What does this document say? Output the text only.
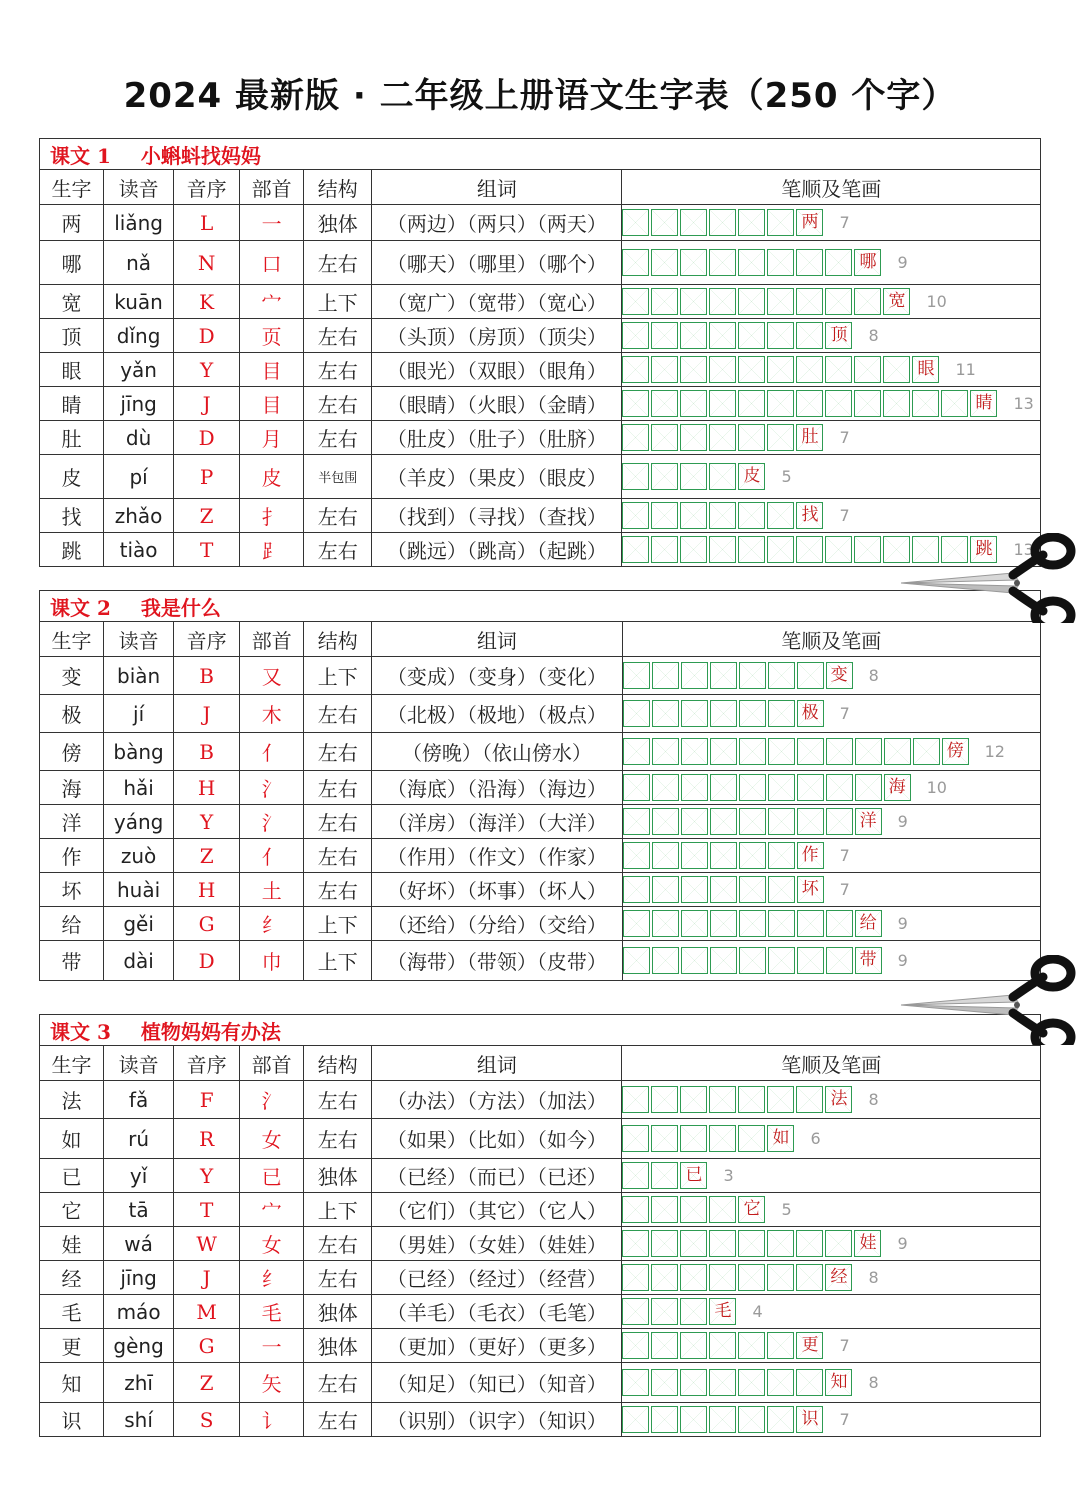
2024 最新版 · 二年级上册语文生字表（250 个字）
课文 1 小蝌蚪找妈妈						
生字	读音	音序	部首	结构	组词	笔顺及笔画
两	liǎng	L	一	独体	（两边）（两只）（两天）	两 7

哪	nǎ	N	口	左右	（哪天）（哪里）（哪个）	哪 9

宽	kuān	K	宀	上下	（宽广）（宽带）（宽心）	宽 10

顶	dǐng	D	页	左右	（头顶）（房顶）（顶尖）	顶 8

眼	yǎn	Y	目	左右	（眼光）（双眼）（眼角）	眼 11

睛	jīng	J	目	左右	（眼睛）（火眼）（金睛）	睛 13

肚	dù	D	月	左右	（肚皮）（肚子）（肚脐）	肚 7

皮	pí	P	皮	半包围	（羊皮）（果皮）（眼皮）	皮 5

找	zhǎo	Z	扌	左右	（找到）（寻找）（查找）	找 7

跳	tiào	T	⻊	左右	（跳远）（跳高）（起跳）	跳 13
课文 2 我是什么						
生字	读音	音序	部首	结构	组词	笔顺及笔画
变	biàn	B	又	上下	（变成）（变身）（变化）	变 8

极	jí	J	木	左右	（北极）（极地）（极点）	极 7

傍	bàng	B	亻	左右	（傍晚）（依山傍水）	傍 12

海	hǎi	H	氵	左右	（海底）（沿海）（海边）	海 10

洋	yáng	Y	氵	左右	（洋房）（海洋）（大洋）	洋 9

作	zuò	Z	亻	左右	（作用）（作文）（作家）	作 7

坏	huài	H	土	左右	（好坏）（坏事）（坏人）	坏 7

给	gěi	G	纟	上下	（还给）（分给）（交给）	给 9

带	dài	D	巾	上下	（海带）（带领）（皮带）	带 9
课文 3 植物妈妈有办法						
生字	读音	音序	部首	结构	组词	笔顺及笔画
法	fǎ	F	氵	左右	（办法）（方法）（加法）	法 8

如	rú	R	女	左右	（如果）（比如）（如今）	如 6

已	yǐ	Y	已	独体	（已经）（而已）（已还）	已 3

它	tā	T	宀	上下	（它们）（其它）（它人）	它 5

娃	wá	W	女	左右	（男娃）（女娃）（娃娃）	娃 9

经	jīng	J	纟	左右	（已经）（经过）（经营）	经 8

毛	máo	M	毛	独体	（羊毛）（毛衣）（毛笔）	毛 4

更	gèng	G	一	独体	（更加）（更好）（更多）	更 7

知	zhī	Z	矢	左右	（知足）（知已）（知音）	知 8

识	shí	S	讠	左右	（识别）（识字）（知识）	识 7
